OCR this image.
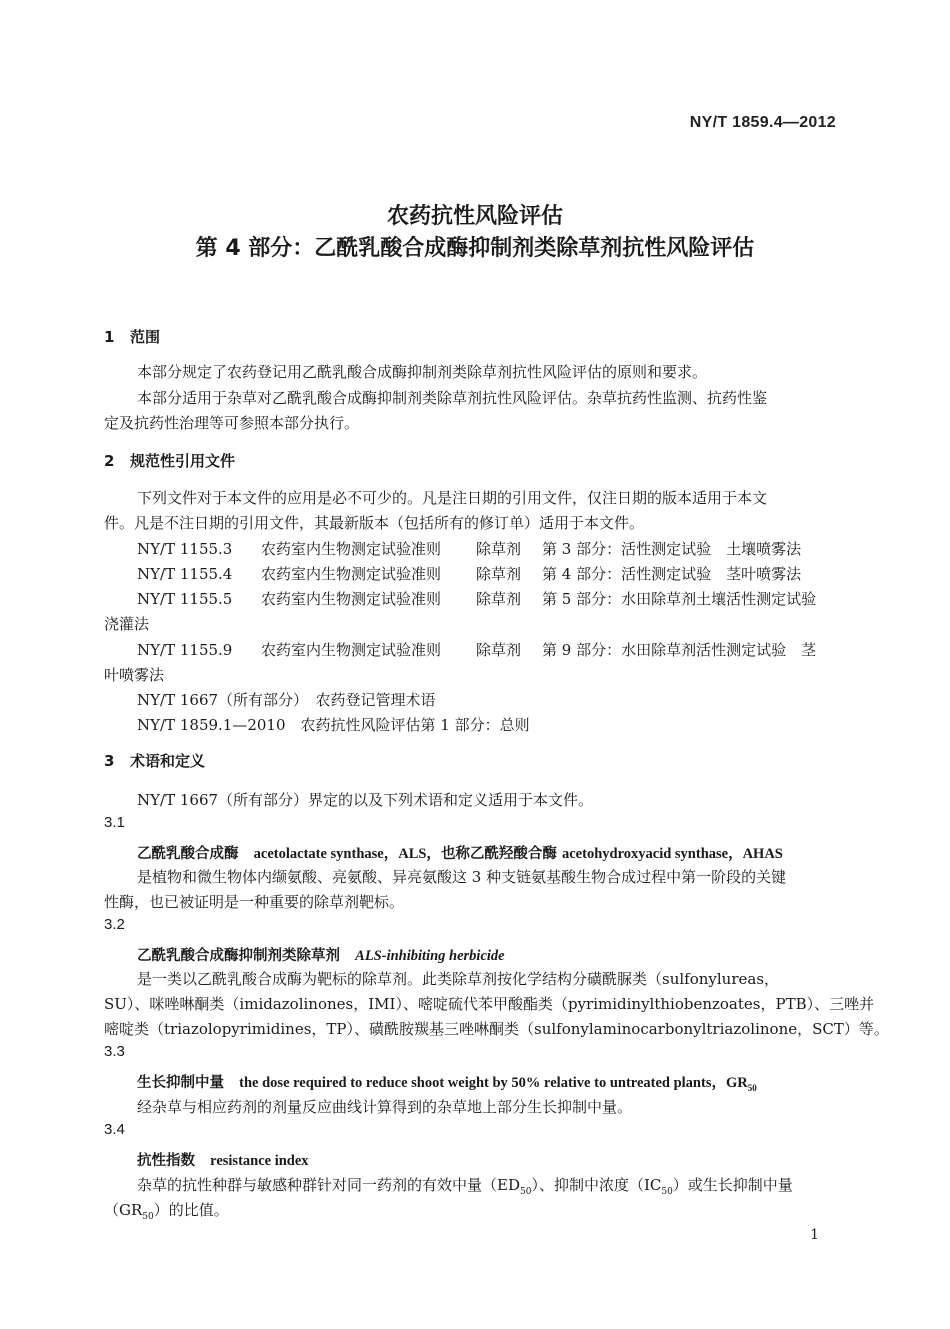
NY/T 1859.4—2012
农药抗性风险评估
第 4 部分：乙酰乳酸合成酶抑制剂类除草剂抗性风险评估
1 范围
本部分规定了农药登记用乙酰乳酸合成酶抑制剂类除草剂抗性风险评估的原则和要求。
本部分适用于杂草对乙酰乳酸合成酶抑制剂类除草剂抗性风险评估。杂草抗药性监测、抗药性鉴
定及抗药性治理等可参照本部分执行。
2 规范性引用文件
下列文件对于本文件的应用是必不可少的。凡是注日期的引用文件，仅注日期的版本适用于本文
件。凡是不注日期的引用文件，其最新版本（包括所有的修订单）适用于本文件。
NY/T 1155.3 农药室内生物测定试验准则 除草剂 第 3 部分：活性测定试验　土壤喷雾法
NY/T 1155.4 农药室内生物测定试验准则 除草剂 第 4 部分：活性测定试验　茎叶喷雾法
NY/T 1155.5 农药室内生物测定试验准则 除草剂 第 5 部分：水田除草剂土壤活性测定试验
浇灌法
NY/T 1155.9 农药室内生物测定试验准则 除草剂 第 9 部分：水田除草剂活性测定试验　茎
叶喷雾法
NY/T 1667（所有部分）　农药登记管理术语
NY/T 1859.1—2010　农药抗性风险评估第 1 部分：总则
3 术语和定义
NY/T 1667（所有部分）界定的以及下列术语和定义适用于本文件。
3.1
乙酰乳酸合成酶 acetolactate synthase，ALS，也称乙酰羟酸合酶 acetohydroxyacid synthase，AHAS
是植物和微生物体内缬氨酸、亮氨酸、异亮氨酸这 3 种支链氨基酸生物合成过程中第一阶段的关键
性酶，也已被证明是一种重要的除草剂靶标。
3.2
乙酰乳酸合成酶抑制剂类除草剂 ALS-inhibiting herbicide
是一类以乙酰乳酸合成酶为靶标的除草剂。此类除草剂按化学结构分磺酰脲类（sulfonylureas，
SU）、咪唑啉酮类（imidazolinones，IMI）、嘧啶硫代苯甲酸酯类（pyrimidinylthiobenzoates，PTB）、三唑并
嘧啶类（triazolopyrimidines，TP）、磺酰胺羰基三唑啉酮类（sulfonylaminocarbonyltriazolinone，SCT）等。
3.3
生长抑制中量 the dose required to reduce shoot weight by 50% relative to untreated plants，$GR_{50}$
经杂草与相应药剂的剂量反应曲线计算得到的杂草地上部分生长抑制中量。
3.4
抗性指数 resistance index
杂草的抗性种群与敏感种群针对同一药剂的有效中量$(ED_{50})$、抑制中浓度$(IC_{50})$或生长抑制中量
$(GR_{50})$的比值。
1
